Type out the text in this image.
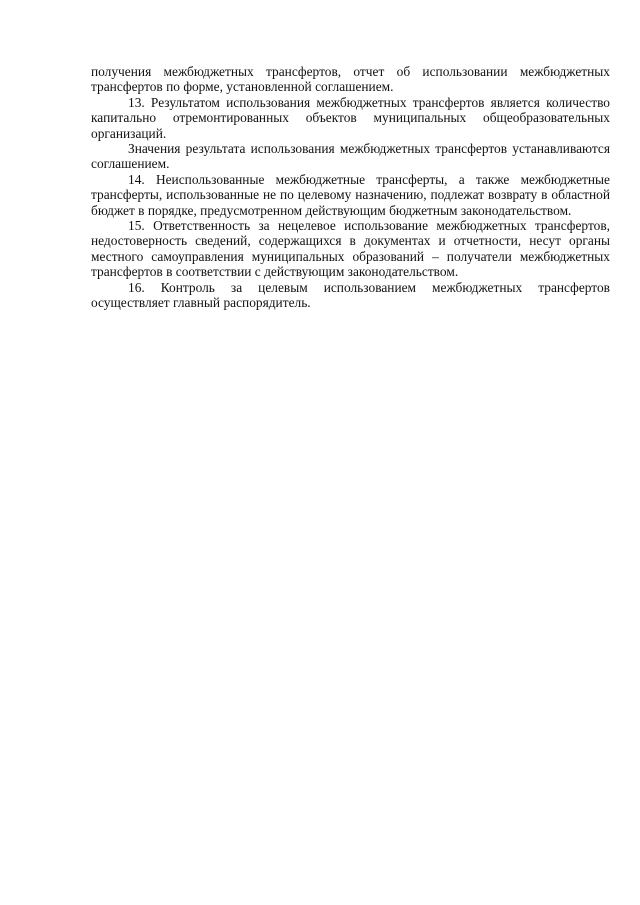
получения межбюджетных трансфертов, отчет об использовании межбюджетных трансфертов по форме, установленной соглашением.

13. Результатом использования межбюджетных трансфертов является количество капитально отремонтированных объектов муниципальных общеобразовательных организаций.

Значения результата использования межбюджетных трансфертов устанавливаются соглашением.

14. Неиспользованные межбюджетные трансферты, а также межбюджетные трансферты, использованные не по целевому назначению, подлежат возврату в областной бюджет в порядке, предусмотренном действующим бюджетным законодательством.

15. Ответственность за нецелевое использование межбюджетных трансфертов, недостоверность сведений, содержащихся в документах и отчетности, несут органы местного самоуправления муниципальных образований – получатели межбюджетных трансфертов в соответствии с действующим законодательством.

16. Контроль за целевым использованием межбюджетных трансфертов осуществляет главный распорядитель.
